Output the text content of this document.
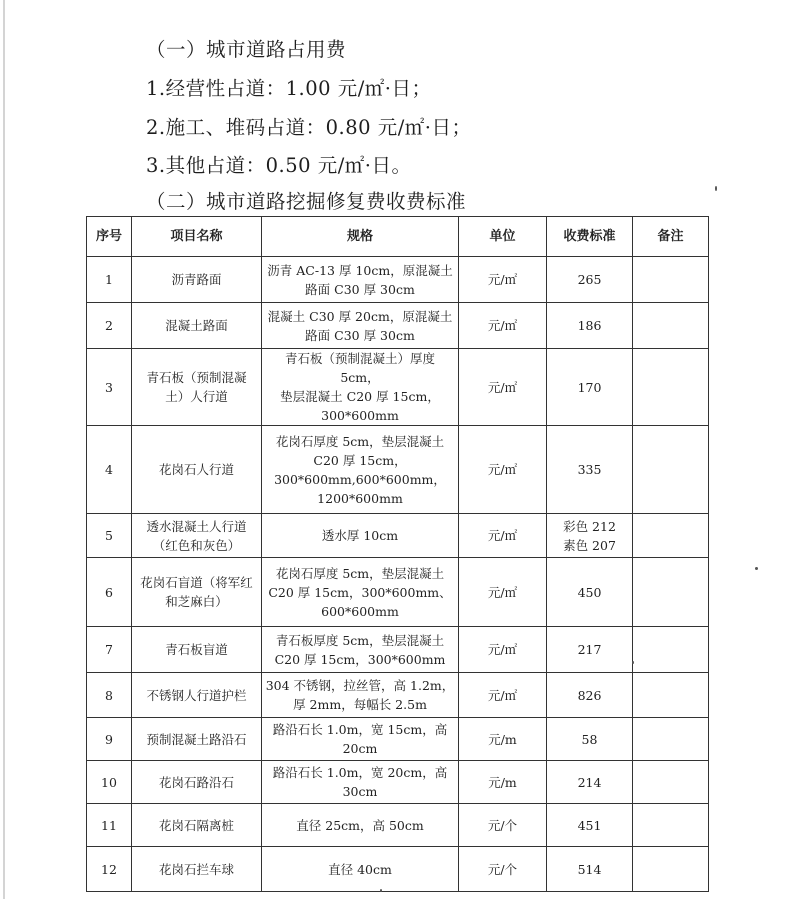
（一）城市道路占用费
1.经营性占道：1.00 元/㎡·日；
2.施工、堆码占道：0.80 元/㎡·日；
3.其他占道：0.50 元/㎡·日。
（二）城市道路挖掘修复费收费标准
序号	项目名称	规格	单位	收费标准	备注
1	沥青路面	沥青 AC-13 厚 10cm，原混凝土
路面 C30 厚 30cm	元/㎡	265	
2	混凝土路面	混凝土 C30 厚 20cm，原混凝土
路面 C30 厚 30cm	元/㎡	186	
3	青石板（预制混凝
土）人行道	青石板（预制混凝土）厚度 5cm，
垫层混凝土 C20 厚 15cm，
300*600mm	元/㎡	170	
4	花岗石人行道	花岗石厚度 5cm，垫层混凝土
C20 厚 15cm，
300*600mm,600*600mm，
1200*600mm	元/㎡	335	
5	透水混凝土人行道
（红色和灰色）	透水厚 10cm	元/㎡	彩色 212
素色 207	
6	花岗石盲道（将军红
和芝麻白）	花岗石厚度 5cm，垫层混凝土
C20 厚 15cm，300*600mm、
600*600mm	元/㎡	450	
7	青石板盲道	青石板厚度 5cm，垫层混凝土
C20 厚 15cm，300*600mm	元/㎡	217	
8	不锈钢人行道护栏	304 不锈钢，拉丝管，高 1.2m，
厚 2mm，每幅长 2.5m	元/㎡	826	
9	预制混凝土路沿石	路沿石长 1.0m，宽 15cm，高 20cm	元/m	58	
10	花岗石路沿石	路沿石长 1.0m，宽 20cm，高 30cm	元/m	214	
11	花岗石隔离桩	直径 25cm，高 50cm	元/个	451	
12	花岗石拦车球	直径 40cm	元/个	514	
